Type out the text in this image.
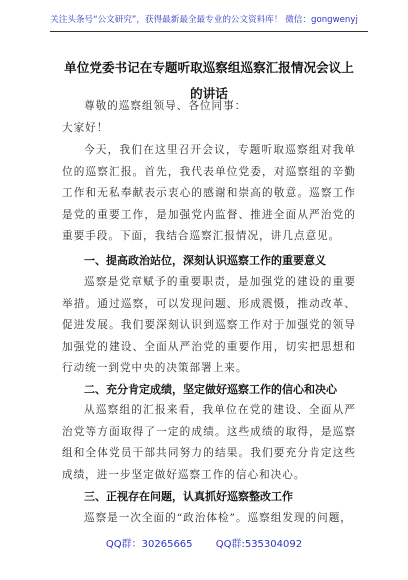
关注头条号“公文研究”，获得最新最全最专业的公文资料库！ 微信：gongwenyj
单位党委书记在专题听取巡察组巡察汇报情况会议上的讲话
尊敬的巡察组领导、各位同事：
大家好！
今天，我们在这里召开会议，专题听取巡察组对我单位的巡察汇报。首先，我代表单位党委，对巡察组的辛勤工作和无私奉献表示衷心的感谢和崇高的敬意。巡察工作是党的重要工作，是加强党内监督、推进全面从严治党的重要手段。下面，我结合巡察汇报情况，讲几点意见。
一、提高政治站位，深刻认识巡察工作的重要意义
巡察是党章赋予的重要职责，是加强党的建设的重要举措。通过巡察，可以发现问题、形成震慑，推动改革、促进发展。我们要深刻认识到巡察工作对于加强党的领导加强党的建设、全面从严治党的重要作用，切实把思想和行动统一到党中央的决策部署上来。
二、充分肯定成绩，坚定做好巡察工作的信心和决心
从巡察组的汇报来看，我单位在党的建设、全面从严治党等方面取得了一定的成绩。这些成绩的取得，是巡察组和全体党员干部共同努力的结果。我们要充分肯定这些成绩，进一步坚定做好巡察工作的信心和决心。
三、正视存在问题，认真抓好巡察整改工作
巡察是一次全面的“政治体检”。巡察组发现的问题，
QQ群：30265665 QQ群:535304092
